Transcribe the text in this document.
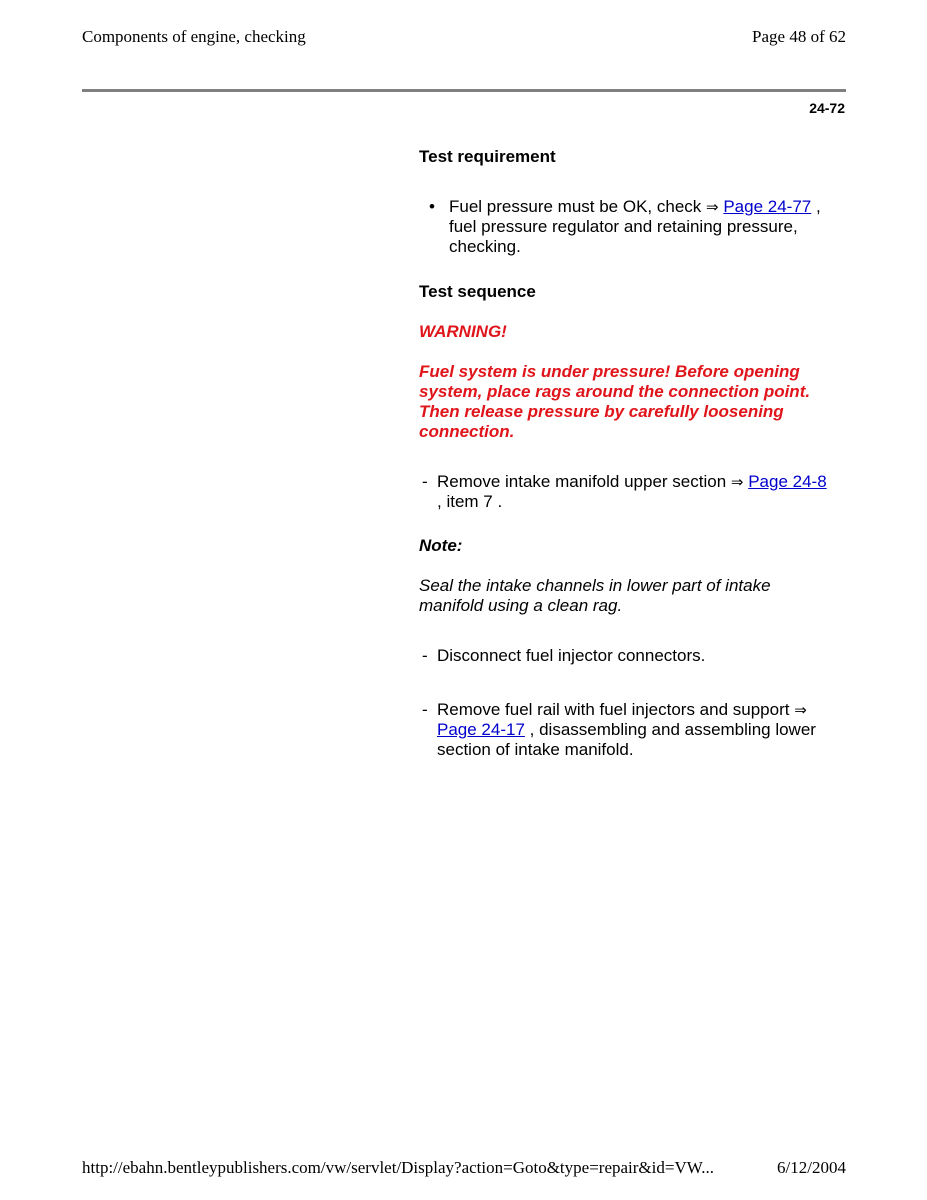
Components of engine, checking	Page 48 of 62
24-72

Test requirement

• Fuel pressure must be OK, check ⇒ Page 24-77 , fuel pressure regulator and retaining pressure, checking.

Test sequence

WARNING!

Fuel system is under pressure! Before opening system, place rags around the connection point. Then release pressure by carefully loosening connection.

- Remove intake manifold upper section ⇒ Page 24-8 , item 7 .

Note:

Seal the intake channels in lower part of intake manifold using a clean rag.

- Disconnect fuel injector connectors.
- Remove fuel rail with fuel injectors and support ⇒ Page 24-17 , disassembling and assembling lower section of intake manifold.
http://ebahn.bentleypublishers.com/vw/servlet/Display?action=Goto&type=repair&id=VW...	6/12/2004
